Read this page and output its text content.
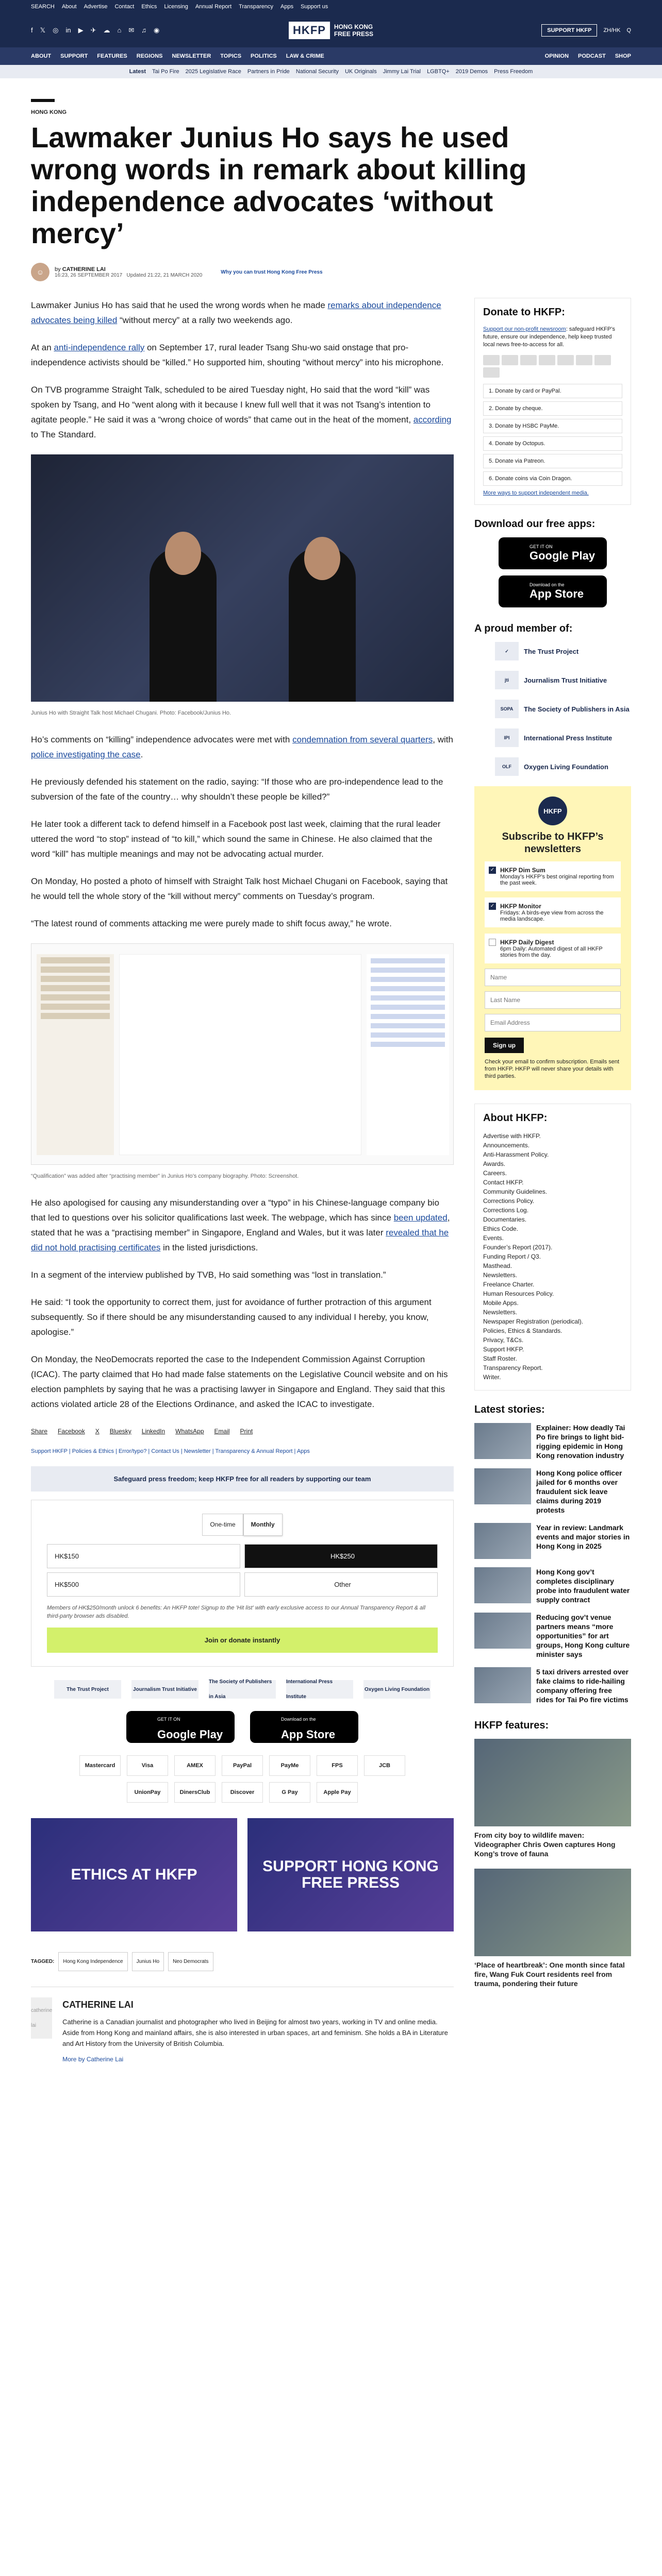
SEARCH About Advertise Contact Ethics Licensing Annual Report Transparency Apps Support us
f 𝕏 ◎ in ▶ ✈ ☁ ⌂ ✉ ♫ ◉	HKFP	HONG KONG
FREE PRESS	SUPPORT HKFP	ZH/HK Q
ABOUT SUPPORT FEATURES REGIONS NEWSLETTER TOPICS POLITICS LAW & CRIME	OPINION PODCAST SHOP
Latest Tai Po Fire 2025 Legislative Race Partners in Pride National Security UK Originals Jimmy Lai Trial LGBTQ+ 2019 Demos Press Freedom
HONG KONG
Lawmaker Junius Ho says he used wrong words in remark about killing independence advocates ‘without mercy’
☺	by CATHERINE LAI
16:23, 26 SEPTEMBER 2017 Updated 21:22, 21 MARCH 2020
Why you can trust Hong Kong Free Press

Lawmaker Junius Ho has said that he used the wrong words when he made remarks about independence advocates being killed “without mercy” at a rally two weekends ago.

At an anti-independence rally on September 17, rural leader Tsang Shu-wo said onstage that pro-independence activists should be “killed.” Ho supported him, shouting “without mercy” into his microphone.

On TVB programme Straight Talk, scheduled to be aired Tuesday night, Ho said that the word “kill” was spoken by Tsang, and Ho “went along with it because I knew full well that it was not Tsang’s intention to agitate people.” He said it was a “wrong choice of words” that came out in the heat of the moment, according to The Standard.

Junius Ho with Straight Talk host Michael Chugani. Photo: Facebook/Junius Ho.

Ho’s comments on “killing” independence advocates were met with condemnation from several quarters, with police investigating the case.

He previously defended his statement on the radio, saying: “If those who are pro-independence lead to the subversion of the fate of the country… why shouldn’t these people be killed?”

He later took a different tack to defend himself in a Facebook post last week, claiming that the rural leader uttered the word “to stop” instead of “to kill,” which sound the same in Chinese. He also claimed that the word “kill” has multiple meanings and may not be advocating actual murder.

On Monday, Ho posted a photo of himself with Straight Talk host Michael Chugani on Facebook, saying that he would tell the whole story of the “kill without mercy” comments on Tuesday’s program.

“The latest round of comments attacking me were purely made to shift focus away,” he wrote.

“Qualification” was added after “practising member” in Junius Ho’s company biography. Photo: Screenshot.

He also apologised for causing any misunderstanding over a “typo” in his Chinese-language company bio that led to questions over his solicitor qualifications last week. The webpage, which has since been updated, stated that he was a “practising member” in Singapore, England and Wales, but it was later revealed that he did not hold practising certificates in the listed jurisdictions.

In a segment of the interview published by TVB, Ho said something was “lost in translation.”

He said: “I took the opportunity to correct them, just for avoidance of further protraction of this argument subsequently. So if there should be any misunderstanding caused to any individual I hereby, you know, apologise.”

On Monday, the NeoDemocrats reported the case to the Independent Commission Against Corruption (ICAC). The party claimed that Ho had made false statements on the Legislative Council website and on his election pamphlets by saying that he was a practising lawyer in Singapore and England. They said that this actions violated article 28 of the Elections Ordinance, and asked the ICAC to investigate.

Share Facebook X Bluesky LinkedIn WhatsApp Email Print
Support HKFP | Policies & Ethics | Error/typo? | Contact Us | Newsletter | Transparency & Annual Report | Apps
Safeguard press freedom; keep HKFP free for all readers by supporting our team
One-time	Monthly
HK$150	HK$250
HK$500	Other
Members of HK$250/month unlock 6 benefits: An HKFP tote! Signup to the 'Hit list' with early exclusive access to our Annual Transparency Report & all third-party browser ads disabled.
Join or donate instantly
The Trust Project	Journalism Trust Initiative
The Society of Publishers in Asia
International Press Institute
Oxygen Living Foundation
GET IT ON
Google Play
Download on the
App Store
Mastercard	Visa	AMEX	PayPal	PayMe	FPS	JCB
UnionPay	DinersClub	Discover	G Pay	Apple Pay
ETHICS AT HKFP	SUPPORT HONG KONG FREE PRESS
TAGGED:	Hong Kong Independence	Junius Ho	Neo Democrats
catherine lai
CATHERINE LAI
Catherine is a Canadian journalist and photographer who lived in Beijing for almost two years, working in TV and online media. Aside from Hong Kong and mainland affairs, she is also interested in urban spaces, art and feminism. She holds a BA in Literature and Art History from the University of British Columbia.
More by Catherine Lai
Donate to HKFP:

Support our non-profit newsroom: safeguard HKFP’s future, ensure our independence, help keep trusted local news free-to-access for all.

1. Donate by card or PayPal.
2. Donate by cheque.
3. Donate by HSBC PayMe.
4. Donate by Octopus.
5. Donate via Patreon.
6. Donate coins via Coin Dragon.
More ways to support independent media.
Download our free apps:
GET IT ON
Google Play
Download on the
App Store
A proud member of:
✓	The Trust Project
jti	Journalism Trust Initiative
SOPA	The Society of Publishers in Asia
IPI	International Press Institute
OLF	Oxygen Living Foundation
HKFP
Subscribe to HKFP’s newsletters
✓ HKFP Dim Sum
Monday’s HKFP’s best original reporting from the past week.
✓ HKFP Monitor
Fridays: A birds-eye view from across the media landscape.
HKFP Daily Digest
6pm Daily: Automated digest of all HKFP stories from the day.
Name Last Name Email Address Sign up
Check your email to confirm subscription. Emails sent from HKFP. HKFP will never share your details with third parties.
About HKFP:
Advertise with HKFP.
Announcements.
Anti-Harassment Policy.
Awards.
Careers.
Contact HKFP.
Community Guidelines.
Corrections Policy.
Corrections Log.
Documentaries.
Ethics Code.
Events.
Founder’s Report (2017).
Funding Report / Q3.
Masthead.
Newsletters.
Freelance Charter.
Human Resources Policy.
Mobile Apps.
Newsletters.
Newspaper Registration (periodical).
Policies, Ethics & Standards.
Privacy, T&Cs.
Support HKFP.
Staff Roster.
Transparency Report.
Writer.
Latest stories:
Explainer: How deadly Tai Po fire brings to light bid-rigging epidemic in Hong Kong renovation industry
Hong Kong police officer jailed for 6 months over fraudulent sick leave claims during 2019 protests
Year in review: Landmark events and major stories in Hong Kong in 2025
Hong Kong gov’t completes disciplinary probe into fraudulent water supply contract
Reducing gov’t venue partners means “more opportunities” for art groups, Hong Kong culture minister says
5 taxi drivers arrested over fake claims to ride-hailing company offering free rides for Tai Po fire victims
HKFP features:
From city boy to wildlife maven: Videographer Chris Owen captures Hong Kong’s trove of fauna
‘Place of heartbreak’: One month since fatal fire, Wang Fuk Court residents reel from trauma, pondering their future
